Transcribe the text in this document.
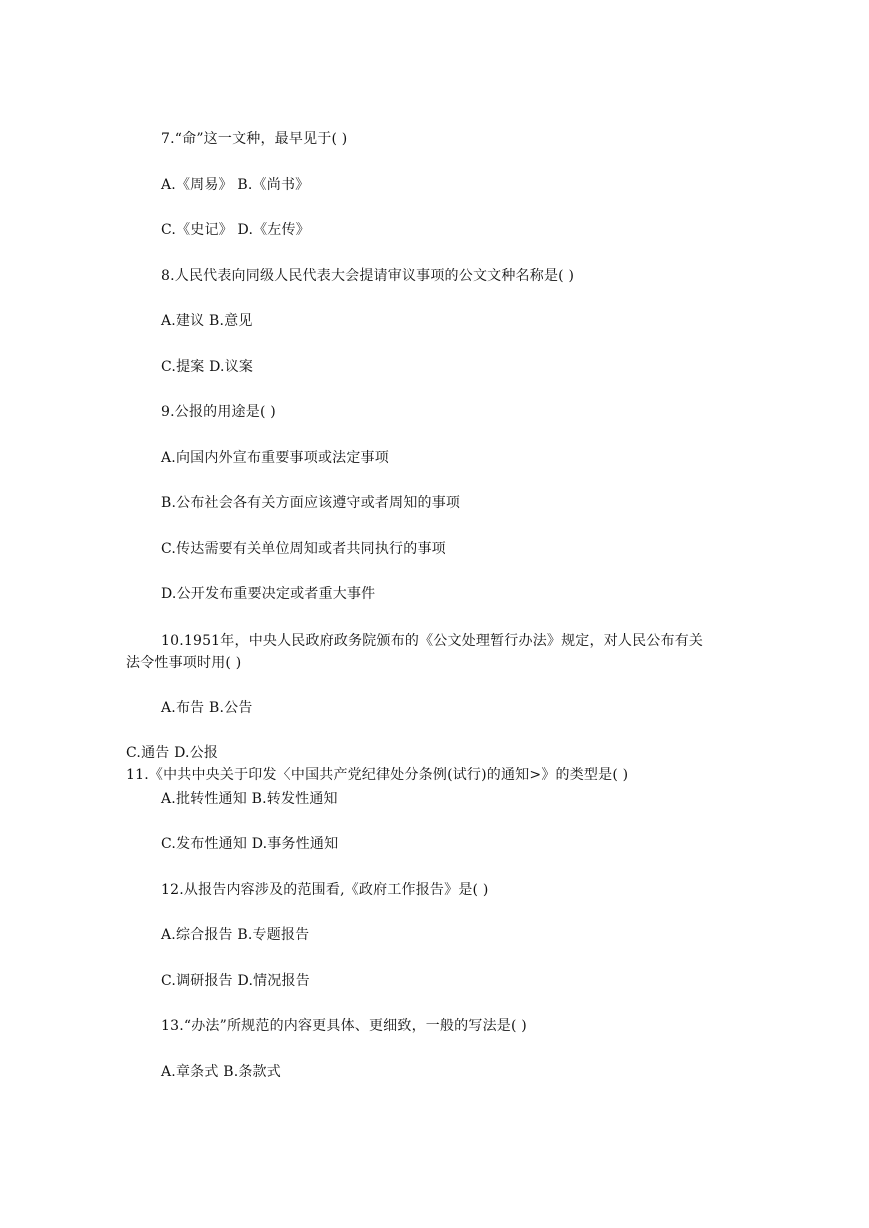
7.“命”这一文种，最早见于( )
A.《周易》 B.《尚书》
C.《史记》 D.《左传》
8.人民代表向同级人民代表大会提请审议事项的公文文种名称是( )
A.建议 B.意见
C.提案 D.议案
9.公报的用途是( )
A.向国内外宣布重要事项或法定事项
B.公布社会各有关方面应该遵守或者周知的事项
C.传达需要有关单位周知或者共同执行的事项
D.公开发布重要决定或者重大事件
10.1951年，中央人民政府政务院颁布的《公文处理暂行办法》规定，对人民公布有关
法令性事项时用( )
A.布告 B.公告
C.通告 D.公报
11.《中共中央关于印发〈中国共产党纪律处分条例(试行)的通知>》的类型是( )
A.批转性通知 B.转发性通知
C.发布性通知 D.事务性通知
12.从报告内容涉及的范围看,《政府工作报告》是( )
A.综合报告 B.专题报告
C.调研报告 D.情况报告
13.“办法”所规范的内容更具体、更细致，一般的写法是( )
A.章条式 B.条款式
